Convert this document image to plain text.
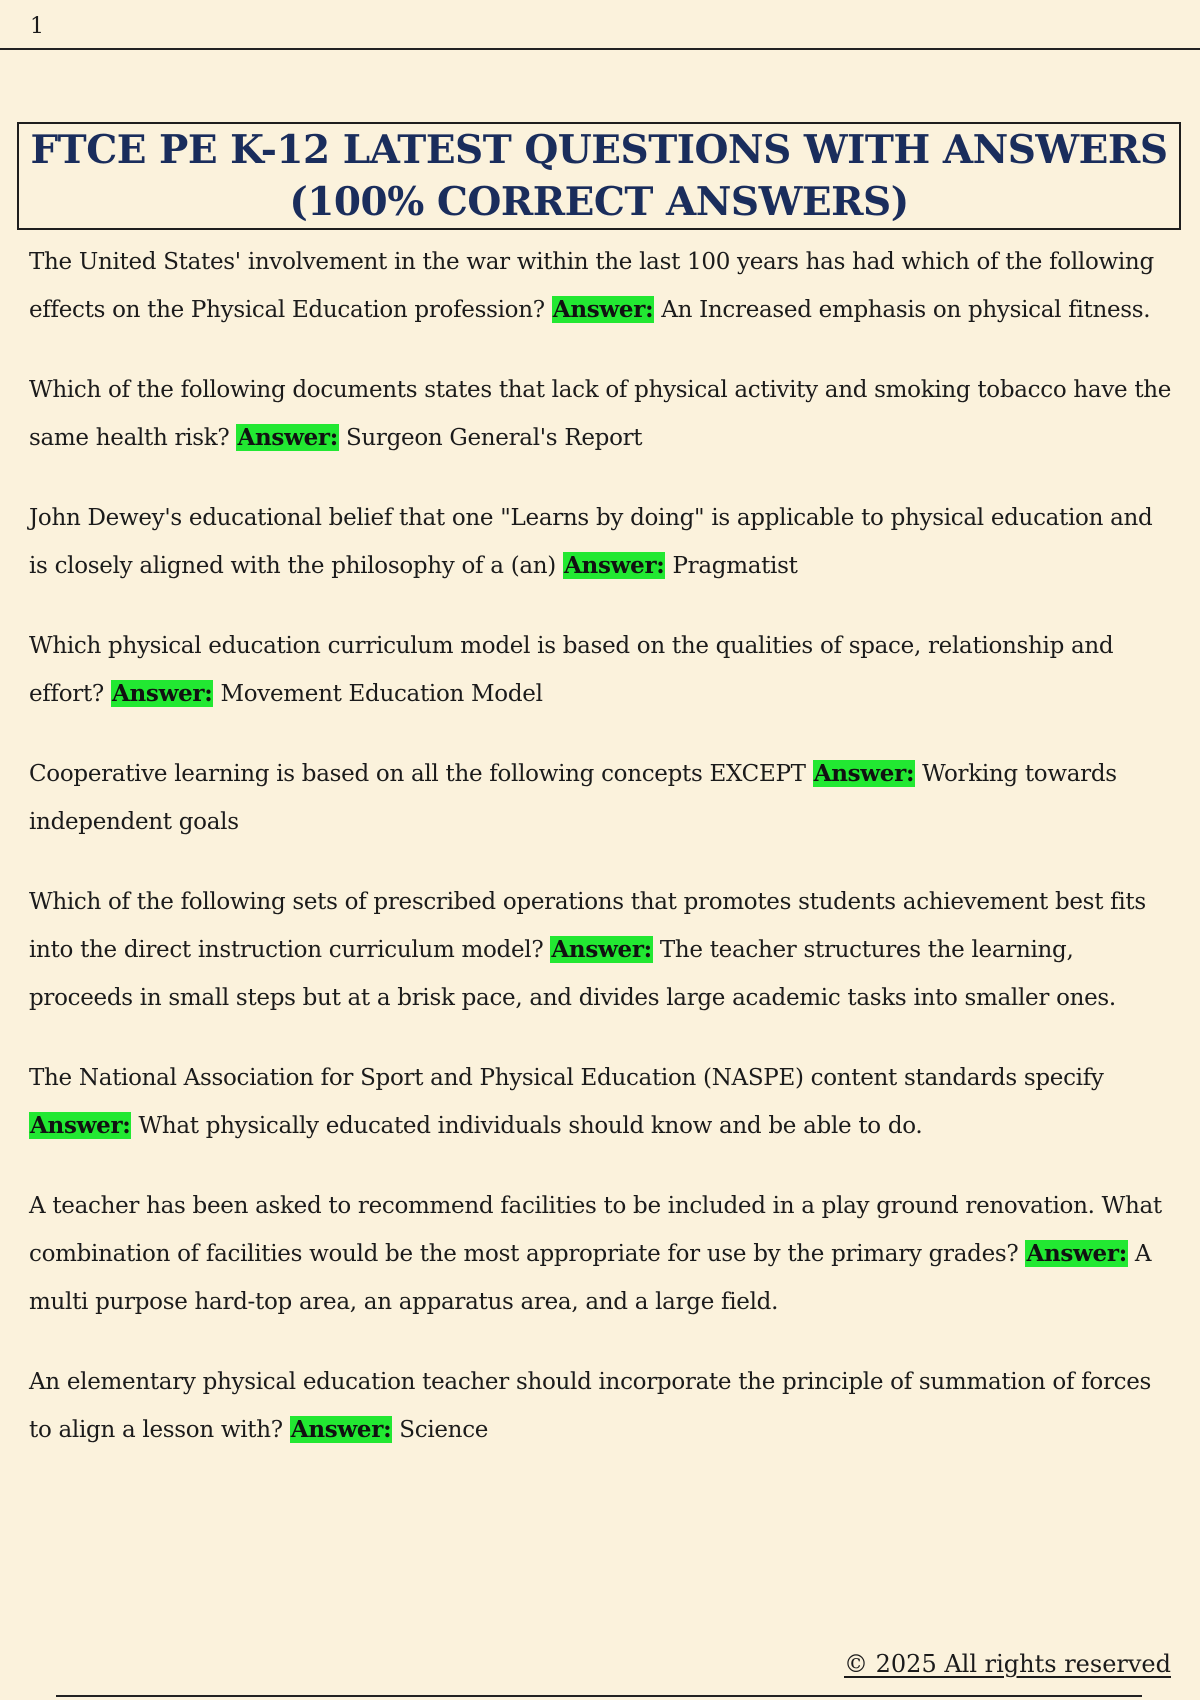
1
FTCE PE K-12 LATEST QUESTIONS WITH ANSWERS (100% CORRECT ANSWERS)

The United States' involvement in the war within the last 100 years has had which of the following effects on the Physical Education profession? Answer: An Increased emphasis on physical fitness.

Which of the following documents states that lack of physical activity and smoking tobacco have the same health risk? Answer: Surgeon General's Report

John Dewey's educational belief that one "Learns by doing" is applicable to physical education and is closely aligned with the philosophy of a (an) Answer: Pragmatist

Which physical education curriculum model is based on the qualities of space, relationship and effort? Answer: Movement Education Model

Cooperative learning is based on all the following concepts EXCEPT Answer: Working towards independent goals

Which of the following sets of prescribed operations that promotes students achievement best fits into the direct instruction curriculum model? Answer: The teacher structures the learning, proceeds in small steps but at a brisk pace, and divides large academic tasks into smaller ones.

The National Association for Sport and Physical Education (NASPE) content standards specify Answer: What physically educated individuals should know and be able to do.

A teacher has been asked to recommend facilities to be included in a play ground renovation. What combination of facilities would be the most appropriate for use by the primary grades? Answer: A multi purpose hard-top area, an apparatus area, and a large field.

An elementary physical education teacher should incorporate the principle of summation of forces to align a lesson with? Answer: Science

© 2025 All rights reserved
